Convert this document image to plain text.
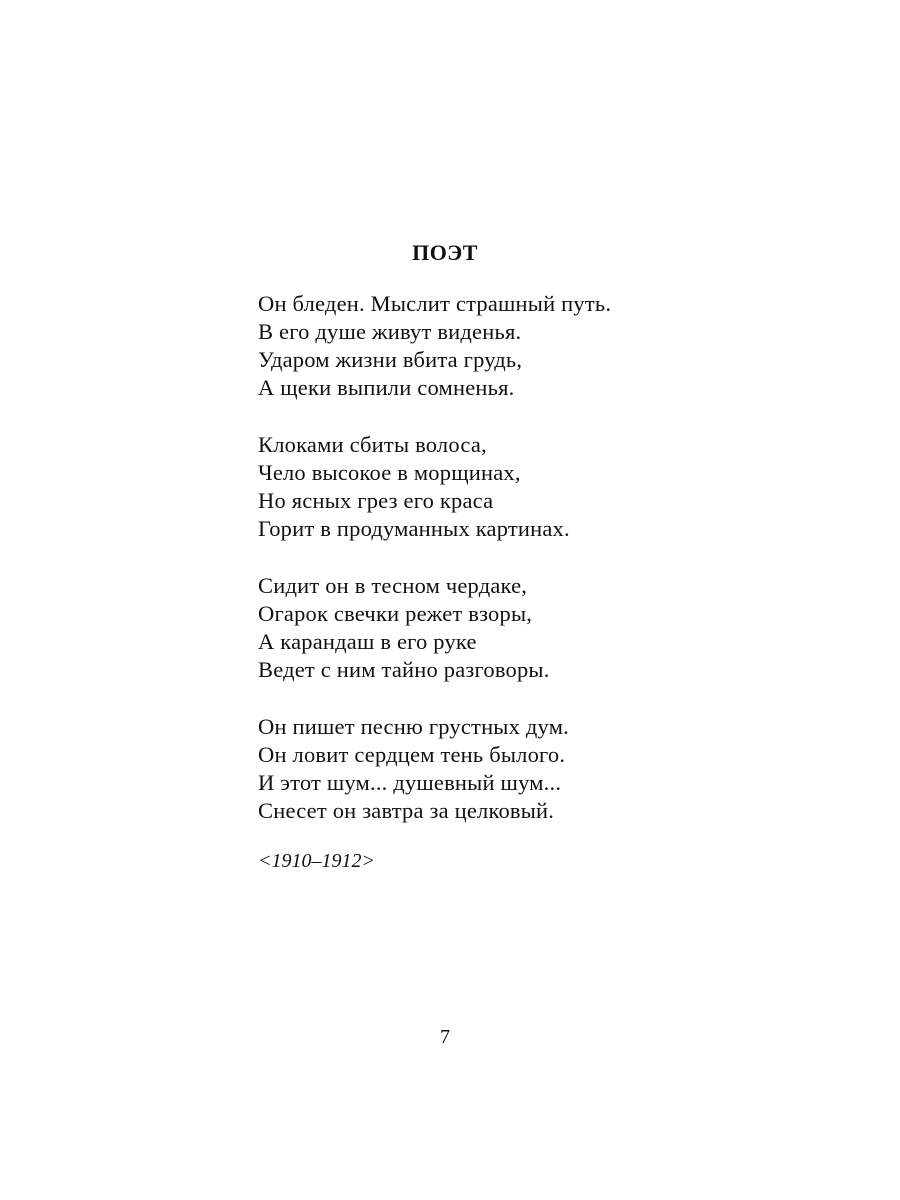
ПОЭТ
Он бледен. Мыслит страшный путь.
В его душе живут виденья.
Ударом жизни вбита грудь,
А щеки выпили сомненья.
Клоками сбиты волоса,
Чело высокое в морщинах,
Но ясных грез его краса
Горит в продуманных картинах.
Сидит он в тесном чердаке,
Огарок свечки режет взоры,
А карандаш в его руке
Ведет с ним тайно разговоры.
Он пишет песню грустных дум.
Он ловит сердцем тень былого.
И этот шум... душевный шум...
Снесет он завтра за целковый.
<1910–1912>
7
